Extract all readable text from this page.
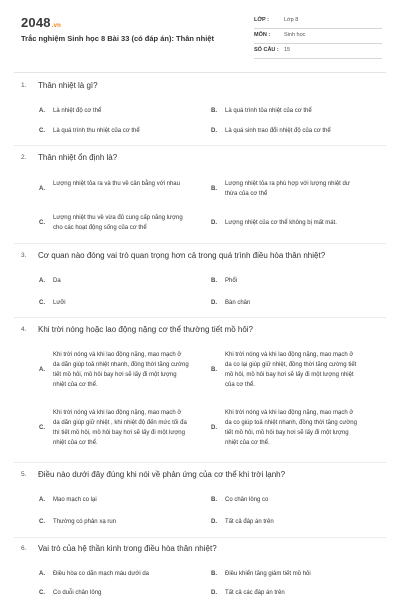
2048.vn
Trắc nghiệm Sinh học 8 Bài 33 (có đáp án): Thân nhiệt
LỚP :	Lớp 8
MÔN :	Sinh học
SỐ CÂU : 15
1. Thân nhiệt là gì?
A. Là nhiệt độ cơ thể	B. Là quá trình tỏa nhiệt của cơ thể
C. Là quá trình thu nhiệt của cơ thể	D. Là quá sinh trao đổi nhiệt độ của cơ thể
2. Thân nhiệt ổn định là?
A.
Lượng nhiệt tỏa ra và thu về cân bằng với nhau
B.
Lượng nhiệt tỏa ra phù hợp với lượng nhiệt dư thừa của cơ thể
C.
Lượng nhiệt thu về vừa đủ cung cấp năng lượng cho các hoạt động sống của cơ thể
D. Lượng nhiệt của cơ thể không bị mất mát.
3. Cơ quan nào đóng vai trò quan trọng hơn cả trong quá trình điều hòa thân nhiệt?
A. Da	B. Phổi
C. Lưỡi	D. Bàn chân
4. Khi trời nóng hoặc lao động nặng cơ thể thường tiết mồ hôi?
A.
Khi trời nóng và khi lao động nặng, mao mạch ở da dãn giúp toả nhiệt nhanh, đồng thời tăng cường tiết mồ hôi, mồ hôi bay hơi sẽ lấy đi một lượng nhiệt của cơ thể.
B.
Khi trời nóng và khi lao động nặng, mao mạch ở da co lại giúp giữ nhiệt, đồng thời tăng cường tiết mồ hôi, mồ hôi bay hơi sẽ lấy đi một lượng nhiệt của cơ thể.
C.
Khi trời nóng và khi lao động nặng, mao mạch ở da dãn giúp giữ nhiệt , khi nhiệt độ đến mức tối đa thì tiết mồ hôi, mồ hôi bay hơi sẽ lấy đi một lượng nhiệt của cơ thể.
D.
Khi trời nóng và khi lao động nặng, mao mạch ở da co giúp toả nhiệt nhanh, đồng thời tăng cường tiết mồ hôi, mồ hôi bay hơi sẽ lấy đi một lượng nhiệt của cơ thể.
5. Điều nào dưới đây đúng khi nói về phản ứng của cơ thể khi trời lạnh?
A. Mao mạch co lại	B. Co chân lông co
C. Thường có phản xạ run	D. Tất cả đáp án trên
6. Vai trò của hệ thần kinh trong điều hòa thân nhiệt?
A. Điều hòa co dãn mạch máu dưới da	B. Điều khiển tăng giảm tiết mồ hôi
C. Co duỗi chân lông	D. Tất cả các đáp án trên
